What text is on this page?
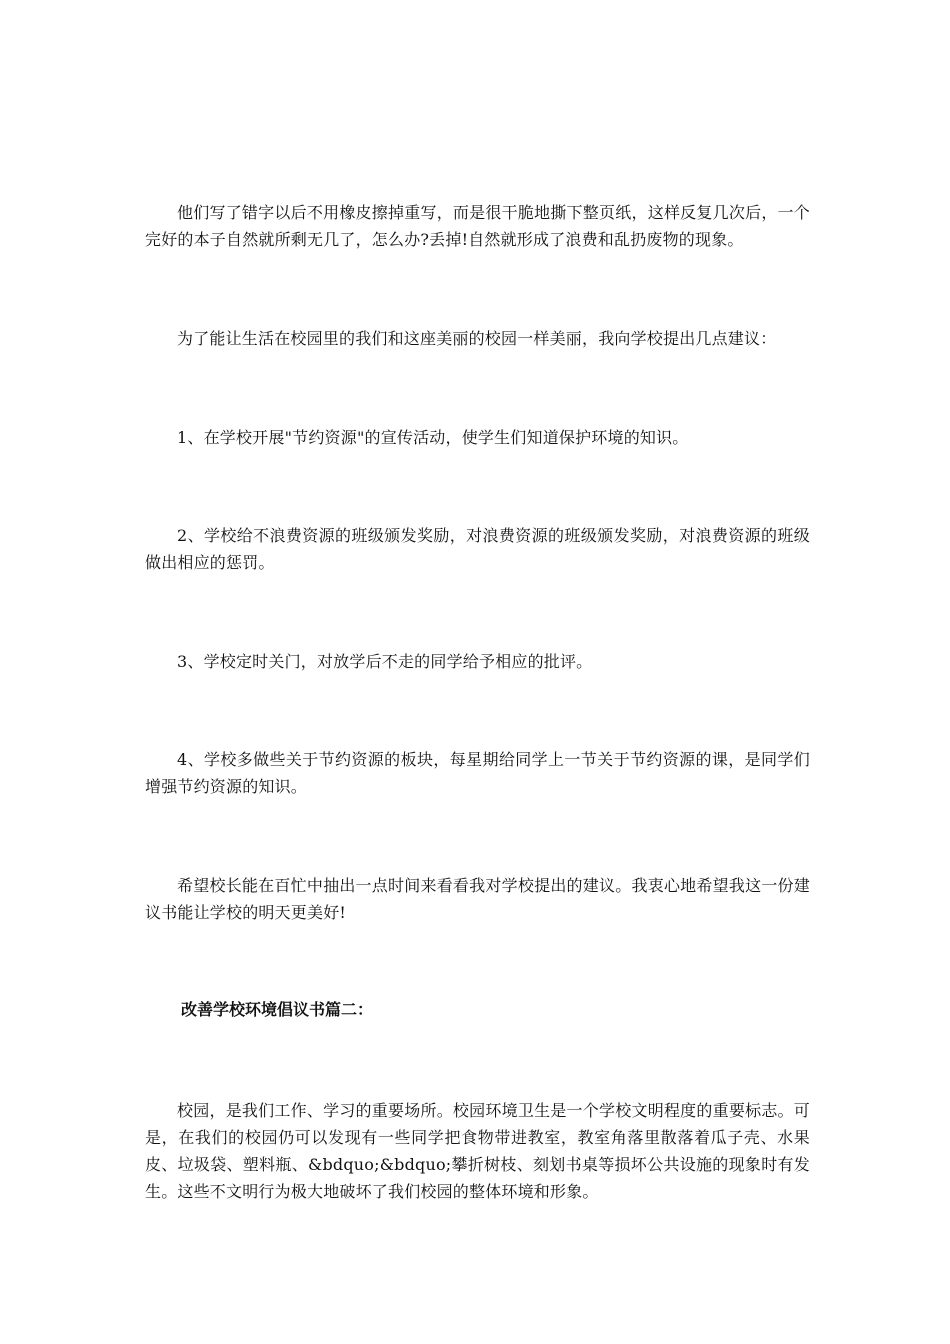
他们写了错字以后不用橡皮擦掉重写，而是很干脆地撕下整页纸，这样反复几次后，一个完好的本子自然就所剩无几了，怎么办?丢掉!自然就形成了浪费和乱扔废物的现象。

为了能让生活在校园里的我们和这座美丽的校园一样美丽，我向学校提出几点建议：

1、在学校开展"节约资源"的宣传活动，使学生们知道保护环境的知识。

2、学校给不浪费资源的班级颁发奖励，对浪费资源的班级颁发奖励，对浪费资源的班级做出相应的惩罚。

3、学校定时关门，对放学后不走的同学给予相应的批评。

4、学校多做些关于节约资源的板块，每星期给同学上一节关于节约资源的课，是同学们增强节约资源的知识。

希望校长能在百忙中抽出一点时间来看看我对学校提出的建议。我衷心地希望我这一份建议书能让学校的明天更美好!

改善学校环境倡议书篇二：

校园，是我们工作、学习的重要场所。校园环境卫生是一个学校文明程度的重要标志。可是，在我们的校园仍可以发现有一些同学把食物带进教室，教室角落里散落着瓜子壳、水果皮、垃圾袋、塑料瓶、&bdquo;&bdquo;攀折树枝、刻划书桌等损坏公共设施的现象时有发生。这些不文明行为极大地破坏了我们校园的整体环境和形象。
